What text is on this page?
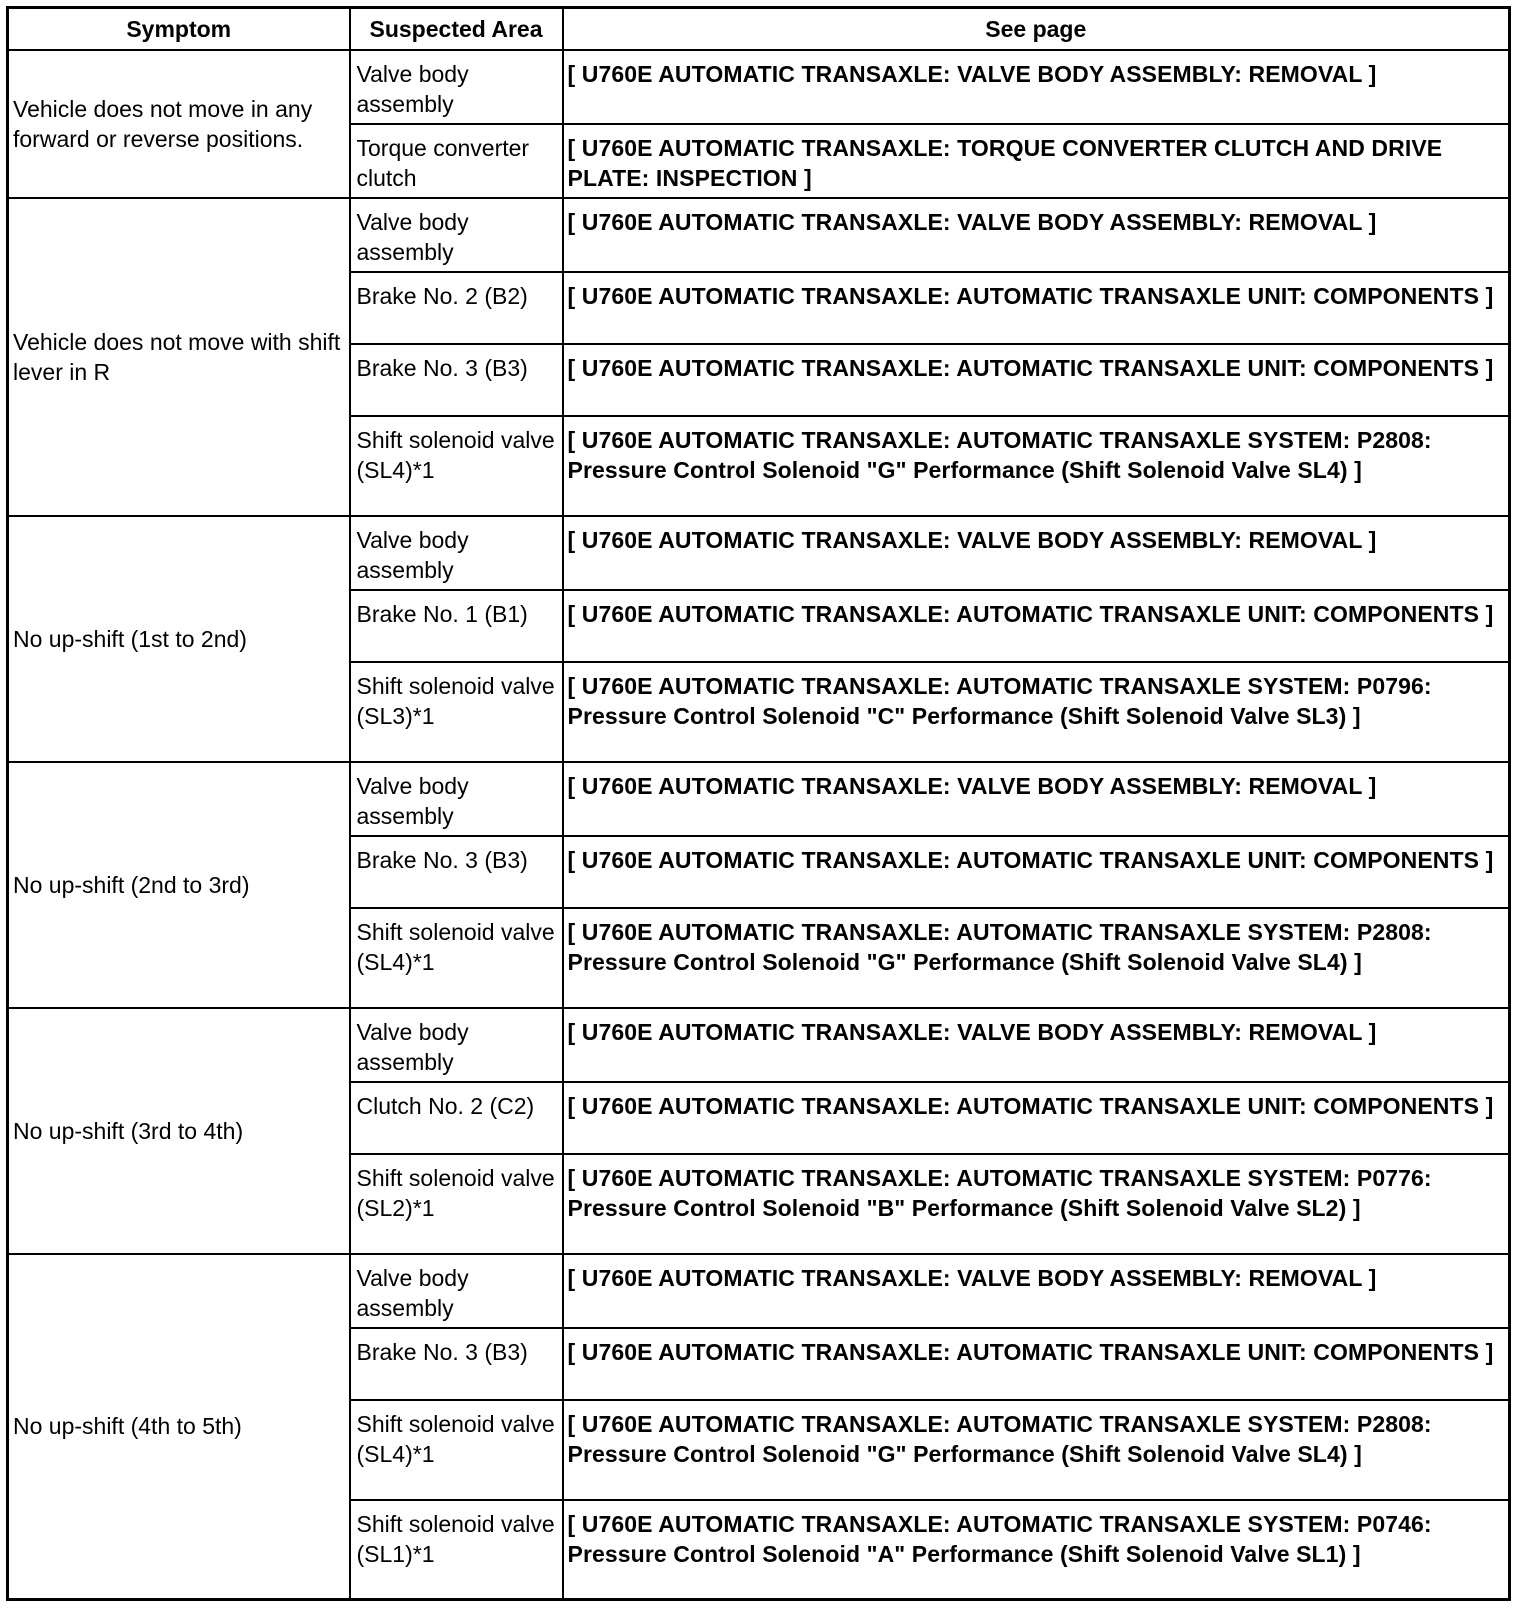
Symptom	Suspected Area	See page
Vehicle does not move in any forward or reverse positions.	Valve body assembly	[ U760E AUTOMATIC TRANSAXLE: VALVE BODY ASSEMBLY: REMOVAL ]
	Torque converter clutch	[ U760E AUTOMATIC TRANSAXLE: TORQUE CONVERTER CLUTCH AND DRIVE PLATE: INSPECTION ]
Vehicle does not move with shift lever in R	Valve body assembly	[ U760E AUTOMATIC TRANSAXLE: VALVE BODY ASSEMBLY: REMOVAL ]
	Brake No. 2 (B2)	[ U760E AUTOMATIC TRANSAXLE: AUTOMATIC TRANSAXLE UNIT: COMPONENTS ]
	Brake No. 3 (B3)	[ U760E AUTOMATIC TRANSAXLE: AUTOMATIC TRANSAXLE UNIT: COMPONENTS ]
	Shift solenoid valve (SL4)*1	[ U760E AUTOMATIC TRANSAXLE: AUTOMATIC TRANSAXLE SYSTEM: P2808: Pressure Control Solenoid "G" Performance (Shift Solenoid Valve SL4) ]
No up-shift (1st to 2nd)	Valve body assembly	[ U760E AUTOMATIC TRANSAXLE: VALVE BODY ASSEMBLY: REMOVAL ]
	Brake No. 1 (B1)	[ U760E AUTOMATIC TRANSAXLE: AUTOMATIC TRANSAXLE UNIT: COMPONENTS ]
	Shift solenoid valve (SL3)*1	[ U760E AUTOMATIC TRANSAXLE: AUTOMATIC TRANSAXLE SYSTEM: P0796: Pressure Control Solenoid "C" Performance (Shift Solenoid Valve SL3) ]
No up-shift (2nd to 3rd)	Valve body assembly	[ U760E AUTOMATIC TRANSAXLE: VALVE BODY ASSEMBLY: REMOVAL ]
	Brake No. 3 (B3)	[ U760E AUTOMATIC TRANSAXLE: AUTOMATIC TRANSAXLE UNIT: COMPONENTS ]
	Shift solenoid valve (SL4)*1	[ U760E AUTOMATIC TRANSAXLE: AUTOMATIC TRANSAXLE SYSTEM: P2808: Pressure Control Solenoid "G" Performance (Shift Solenoid Valve SL4) ]
No up-shift (3rd to 4th)	Valve body assembly	[ U760E AUTOMATIC TRANSAXLE: VALVE BODY ASSEMBLY: REMOVAL ]
	Clutch No. 2 (C2)	[ U760E AUTOMATIC TRANSAXLE: AUTOMATIC TRANSAXLE UNIT: COMPONENTS ]
	Shift solenoid valve (SL2)*1	[ U760E AUTOMATIC TRANSAXLE: AUTOMATIC TRANSAXLE SYSTEM: P0776: Pressure Control Solenoid "B" Performance (Shift Solenoid Valve SL2) ]
No up-shift (4th to 5th)	Valve body assembly	[ U760E AUTOMATIC TRANSAXLE: VALVE BODY ASSEMBLY: REMOVAL ]
	Brake No. 3 (B3)	[ U760E AUTOMATIC TRANSAXLE: AUTOMATIC TRANSAXLE UNIT: COMPONENTS ]
	Shift solenoid valve (SL4)*1	[ U760E AUTOMATIC TRANSAXLE: AUTOMATIC TRANSAXLE SYSTEM: P2808: Pressure Control Solenoid "G" Performance (Shift Solenoid Valve SL4) ]
	Shift solenoid valve (SL1)*1	[ U760E AUTOMATIC TRANSAXLE: AUTOMATIC TRANSAXLE SYSTEM: P0746: Pressure Control Solenoid "A" Performance (Shift Solenoid Valve SL1) ]
